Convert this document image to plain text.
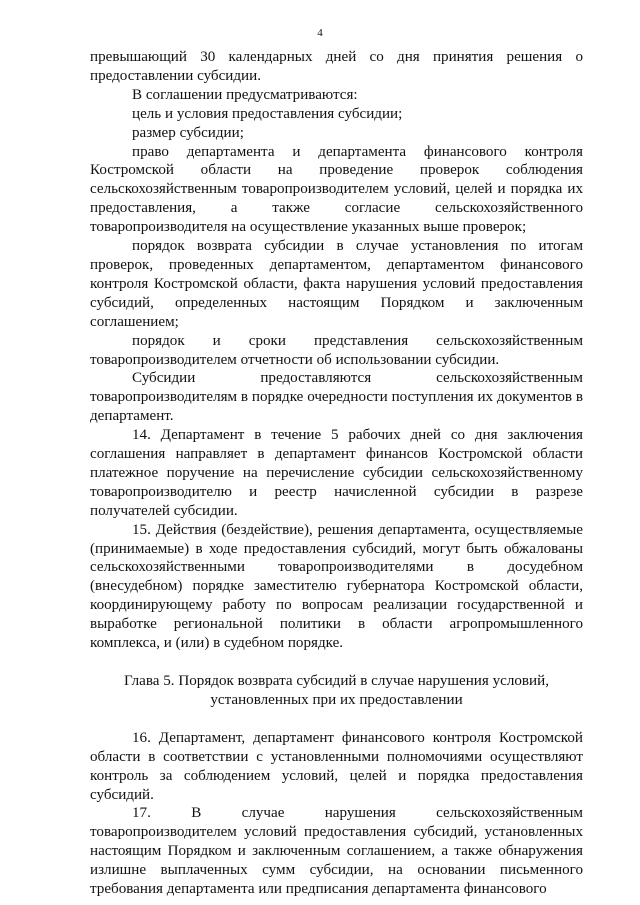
4

превышающий 30 календарных дней со дня принятия решения о предоставлении субсидии.

В соглашении предусматриваются:

цель и условия предоставления субсидии;

размер субсидии;

право департамента и департамента финансового контроля Костромской области на проведение проверок соблюдения сельскохозяйственным товаропроизводителем условий, целей и порядка их предоставления, а также согласие сельскохозяйственного товаропроизводителя на осуществление указанных выше проверок;

порядок возврата субсидии в случае установления по итогам проверок, проведенных департаментом, департаментом финансового контроля Костромской области, факта нарушения условий предоставления субсидий, определенных настоящим Порядком и заключенным соглашением;

порядок и сроки представления сельскохозяйственным товаропроизводителем отчетности об использовании субсидии.

Субсидии предоставляются сельскохозяйственным товаропроизводителям в порядке очередности поступления их документов в департамент.

14. Департамент в течение 5 рабочих дней со дня заключения соглашения направляет в департамент финансов Костромской области платежное поручение на перечисление субсидии сельскохозяйственному товаропроизводителю и реестр начисленной субсидии в разрезе получателей субсидии.

15. Действия (бездействие), решения департамента, осуществляемые (принимаемые) в ходе предоставления субсидий, могут быть обжалованы сельскохозяйственными товаропроизводителями в досудебном (внесудебном) порядке заместителю губернатора Костромской области, координирующему работу по вопросам реализации государственной и выработке региональной политики в области агропромышленного комплекса, и (или) в судебном порядке.

Глава 5. Порядок возврата субсидий в случае нарушения условий, установленных при их предоставлении

16. Департамент, департамент финансового контроля Костромской области в соответствии с установленными полномочиями осуществляют контроль за соблюдением условий, целей и порядка предоставления субсидий.

17. В случае нарушения сельскохозяйственным товаропроизводителем условий предоставления субсидий, установленных настоящим Порядком и заключенным соглашением, а также обнаружения излишне выплаченных сумм субсидии, на основании письменного требования департамента или предписания департамента финансового
